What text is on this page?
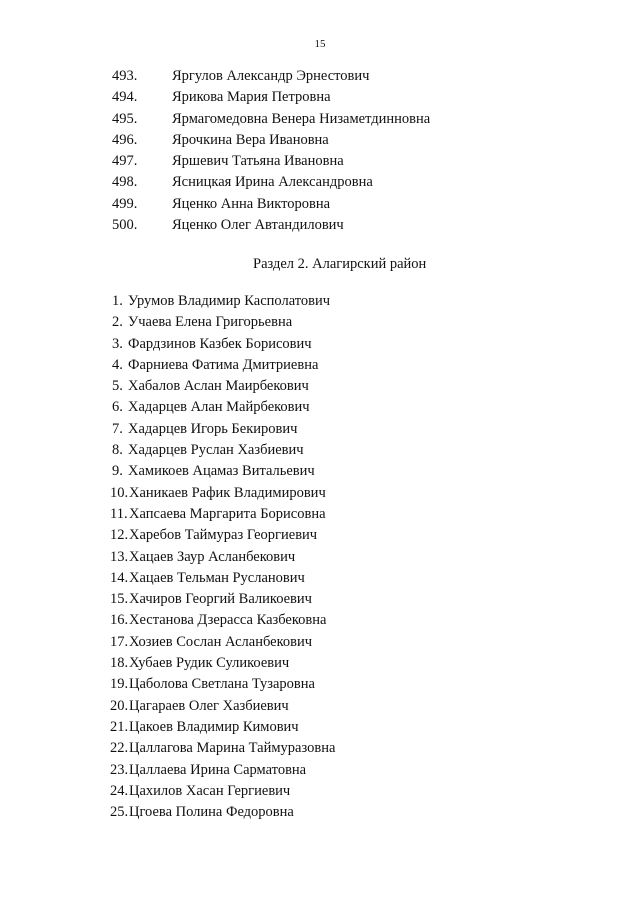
15
493. Яргулов Александр Эрнестович
494. Ярикова Мария Петровна
495. Ярмагомедовна Венера Низаметдинновна
496. Ярочкина Вера Ивановна
497. Яршевич Татьяна Ивановна
498. Ясницкая Ирина Александровна
499. Яценко Анна Викторовна
500. Яценко Олег Автандилович
Раздел 2. Алагирский район
1. Урумов Владимир Касполатович
2. Учаева Елена Григорьевна
3. Фардзинов Казбек Борисович
4. Фарниева Фатима Дмитриевна
5. Хабалов Аслан Маирбекович
6. Хадарцев Алан Майрбекович
7. Хадарцев Игорь Бекирович
8. Хадарцев Руслан Хазбиевич
9. Хамикоев Ацамаз Витальевич
10. Ханикаев Рафик Владимирович
11. Хапсаева Маргарита Борисовна
12. Харебов Таймураз Георгиевич
13. Хацаев Заур Асланбекович
14. Хацаев Тельман Русланович
15. Хачиров Георгий Валикоевич
16. Хестанова Дзерасса Казбековна
17. Хозиев Сослан Асланбекович
18. Хубаев Рудик Суликоевич
19. Цаболова Светлана Тузаровна
20. Цагараев Олег Хазбиевич
21. Цакоев Владимир Кимович
22. Цаллагова Марина Таймуразовна
23. Цаллаева Ирина Сарматовна
24. Цахилов Хасан Гергиевич
25. Цгоева Полина Федоровна
